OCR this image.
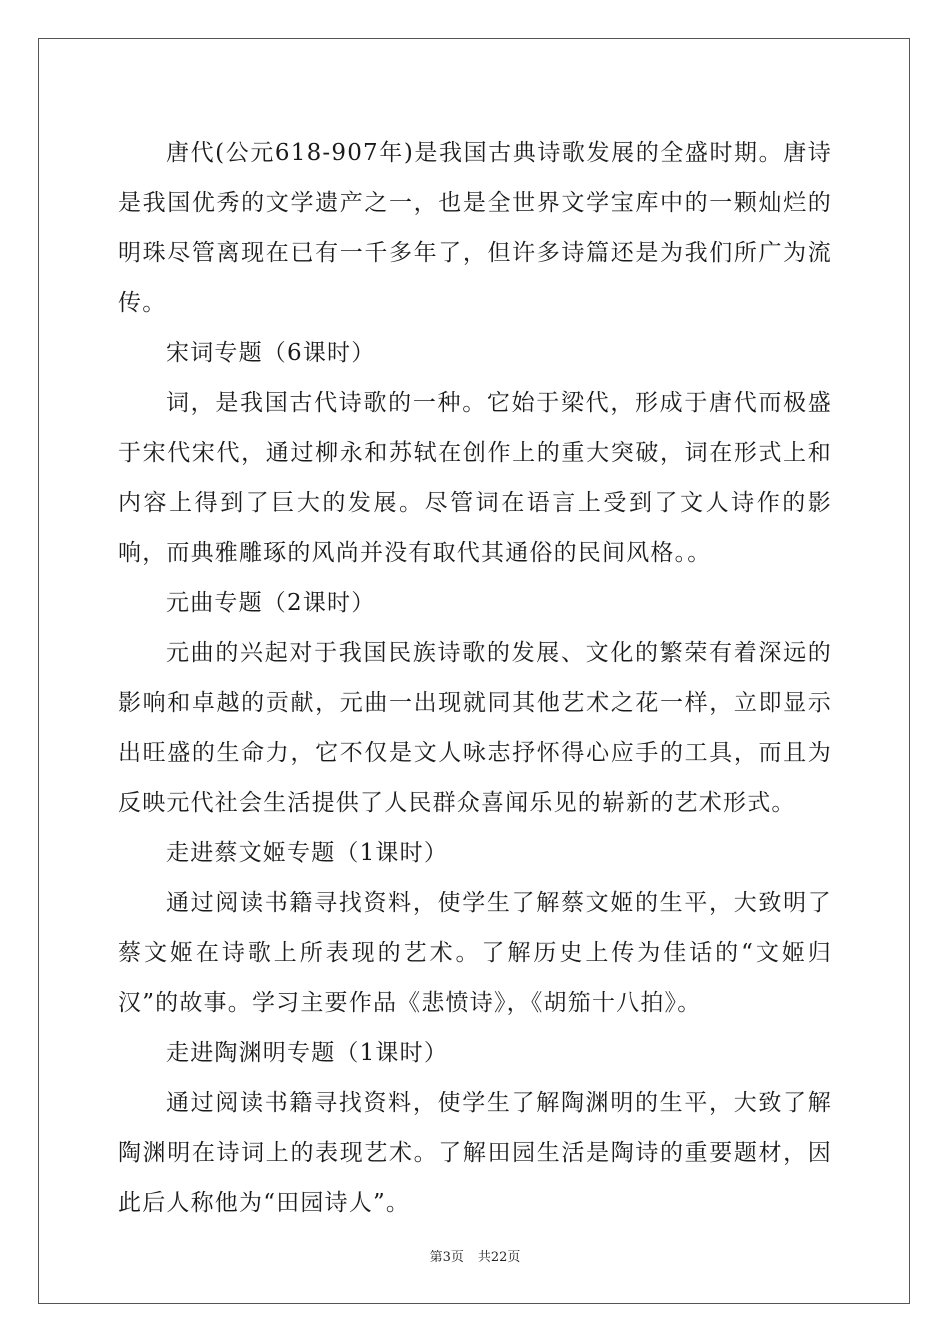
唐代(公元618-907年)是我国古典诗歌发展的全盛时期。唐诗是我国优秀的文学遗产之一，也是全世界文学宝库中的一颗灿烂的明珠尽管离现在已有一千多年了，但许多诗篇还是为我们所广为流传。

宋词专题（6课时）

词，是我国古代诗歌的一种。它始于梁代，形成于唐代而极盛于宋代宋代，通过柳永和苏轼在创作上的重大突破，词在形式上和内容上得到了巨大的发展。尽管词在语言上受到了文人诗作的影响，而典雅雕琢的风尚并没有取代其通俗的民间风格。。

元曲专题（2课时）

元曲的兴起对于我国民族诗歌的发展、文化的繁荣有着深远的影响和卓越的贡献，元曲一出现就同其他艺术之花一样，立即显示出旺盛的生命力，它不仅是文人咏志抒怀得心应手的工具，而且为反映元代社会生活提供了人民群众喜闻乐见的崭新的艺术形式。

走进蔡文姬专题（1课时）

通过阅读书籍寻找资料，使学生了解蔡文姬的生平，大致明了蔡文姬在诗歌上所表现的艺术。了解历史上传为佳话的“文姬归汉”的故事。学习主要作品《悲愤诗》，《胡笳十八拍》。

走进陶渊明专题（1课时）

通过阅读书籍寻找资料，使学生了解陶渊明的生平，大致了解陶渊明在诗词上的表现艺术。了解田园生活是陶诗的重要题材，因此后人称他为“田园诗人”。

第3页 共22页
